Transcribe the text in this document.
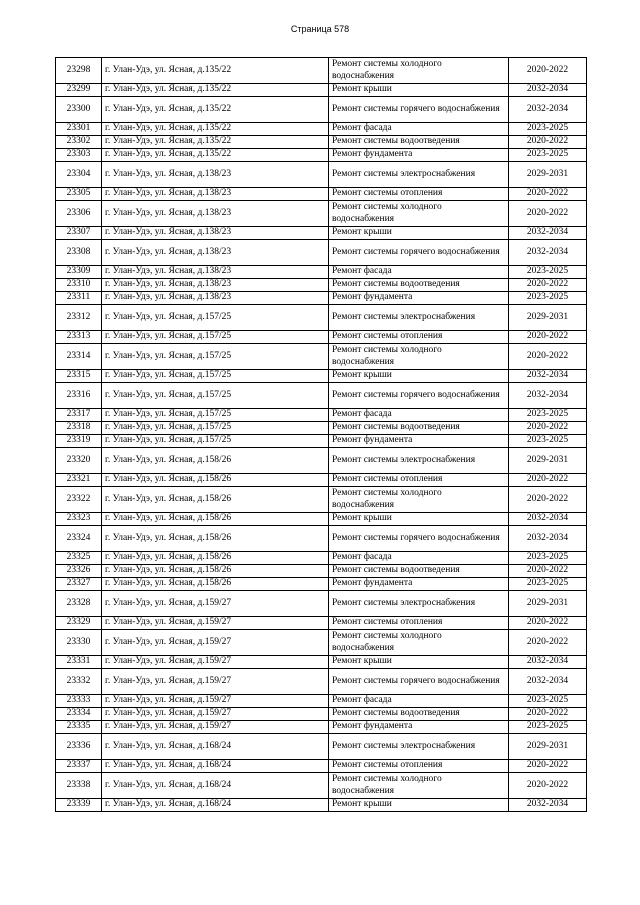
Страница 578
23298	г. Улан-Удэ, ул. Ясная, д.135/22	Ремонт системы холодного водоснабжения	2020-2022
23299	г. Улан-Удэ, ул. Ясная, д.135/22	Ремонт крыши	2032-2034
23300	г. Улан-Удэ, ул. Ясная, д.135/22	Ремонт системы горячего водоснабжения	2032-2034
23301	г. Улан-Удэ, ул. Ясная, д.135/22	Ремонт фасада	2023-2025
23302	г. Улан-Удэ, ул. Ясная, д.135/22	Ремонт системы водоотведения	2020-2022
23303	г. Улан-Удэ, ул. Ясная, д.135/22	Ремонт фундамента	2023-2025
23304	г. Улан-Удэ, ул. Ясная, д.138/23	Ремонт системы электроснабжения	2029-2031
23305	г. Улан-Удэ, ул. Ясная, д.138/23	Ремонт системы отопления	2020-2022
23306	г. Улан-Удэ, ул. Ясная, д.138/23	Ремонт системы холодного водоснабжения	2020-2022
23307	г. Улан-Удэ, ул. Ясная, д.138/23	Ремонт крыши	2032-2034
23308	г. Улан-Удэ, ул. Ясная, д.138/23	Ремонт системы горячего водоснабжения	2032-2034
23309	г. Улан-Удэ, ул. Ясная, д.138/23	Ремонт фасада	2023-2025
23310	г. Улан-Удэ, ул. Ясная, д.138/23	Ремонт системы водоотведения	2020-2022
23311	г. Улан-Удэ, ул. Ясная, д.138/23	Ремонт фундамента	2023-2025
23312	г. Улан-Удэ, ул. Ясная, д.157/25	Ремонт системы электроснабжения	2029-2031
23313	г. Улан-Удэ, ул. Ясная, д.157/25	Ремонт системы отопления	2020-2022
23314	г. Улан-Удэ, ул. Ясная, д.157/25	Ремонт системы холодного водоснабжения	2020-2022
23315	г. Улан-Удэ, ул. Ясная, д.157/25	Ремонт крыши	2032-2034
23316	г. Улан-Удэ, ул. Ясная, д.157/25	Ремонт системы горячего водоснабжения	2032-2034
23317	г. Улан-Удэ, ул. Ясная, д.157/25	Ремонт фасада	2023-2025
23318	г. Улан-Удэ, ул. Ясная, д.157/25	Ремонт системы водоотведения	2020-2022
23319	г. Улан-Удэ, ул. Ясная, д.157/25	Ремонт фундамента	2023-2025
23320	г. Улан-Удэ, ул. Ясная, д.158/26	Ремонт системы электроснабжения	2029-2031
23321	г. Улан-Удэ, ул. Ясная, д.158/26	Ремонт системы отопления	2020-2022
23322	г. Улан-Удэ, ул. Ясная, д.158/26	Ремонт системы холодного водоснабжения	2020-2022
23323	г. Улан-Удэ, ул. Ясная, д.158/26	Ремонт крыши	2032-2034
23324	г. Улан-Удэ, ул. Ясная, д.158/26	Ремонт системы горячего водоснабжения	2032-2034
23325	г. Улан-Удэ, ул. Ясная, д.158/26	Ремонт фасада	2023-2025
23326	г. Улан-Удэ, ул. Ясная, д.158/26	Ремонт системы водоотведения	2020-2022
23327	г. Улан-Удэ, ул. Ясная, д.158/26	Ремонт фундамента	2023-2025
23328	г. Улан-Удэ, ул. Ясная, д.159/27	Ремонт системы электроснабжения	2029-2031
23329	г. Улан-Удэ, ул. Ясная, д.159/27	Ремонт системы отопления	2020-2022
23330	г. Улан-Удэ, ул. Ясная, д.159/27	Ремонт системы холодного водоснабжения	2020-2022
23331	г. Улан-Удэ, ул. Ясная, д.159/27	Ремонт крыши	2032-2034
23332	г. Улан-Удэ, ул. Ясная, д.159/27	Ремонт системы горячего водоснабжения	2032-2034
23333	г. Улан-Удэ, ул. Ясная, д.159/27	Ремонт фасада	2023-2025
23334	г. Улан-Удэ, ул. Ясная, д.159/27	Ремонт системы водоотведения	2020-2022
23335	г. Улан-Удэ, ул. Ясная, д.159/27	Ремонт фундамента	2023-2025
23336	г. Улан-Удэ, ул. Ясная, д.168/24	Ремонт системы электроснабжения	2029-2031
23337	г. Улан-Удэ, ул. Ясная, д.168/24	Ремонт системы отопления	2020-2022
23338	г. Улан-Удэ, ул. Ясная, д.168/24	Ремонт системы холодного водоснабжения	2020-2022
23339	г. Улан-Удэ, ул. Ясная, д.168/24	Ремонт крыши	2032-2034
